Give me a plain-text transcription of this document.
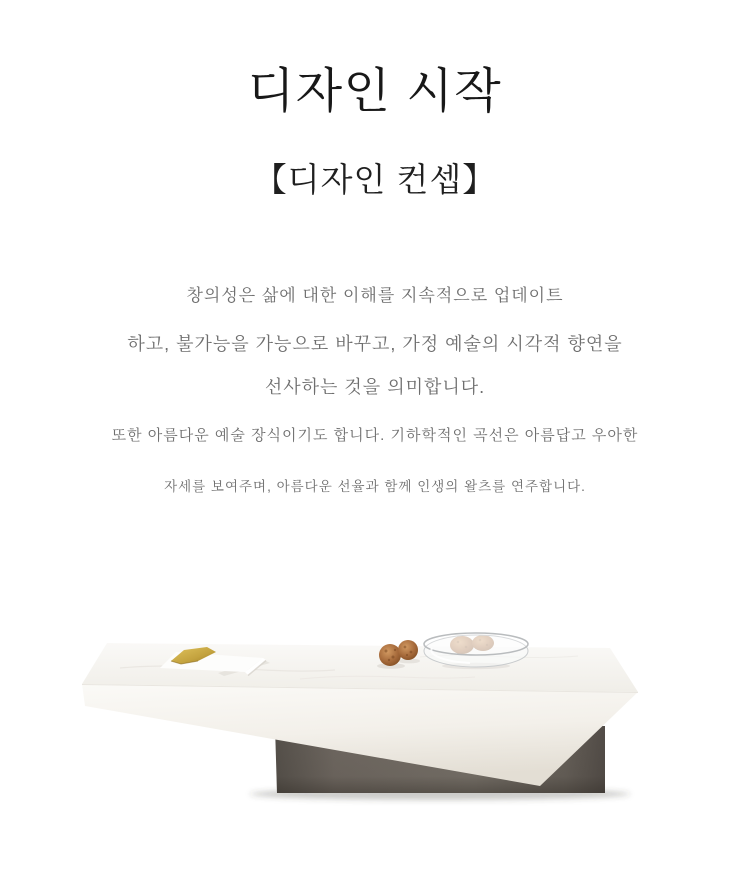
디자인 시작
【디자인 컨셉】
창의성은 삶에 대한 이해를 지속적으로 업데이트
하고, 불가능을 가능으로 바꾸고, 가정 예술의 시각적 향연을
선사하는 것을 의미합니다.
또한 아름다운 예술 장식이기도 합니다. 기하학적인 곡선은 아름답고 우아한
자세를 보여주며, 아름다운 선율과 함께 인생의 왈츠를 연주합니다.
